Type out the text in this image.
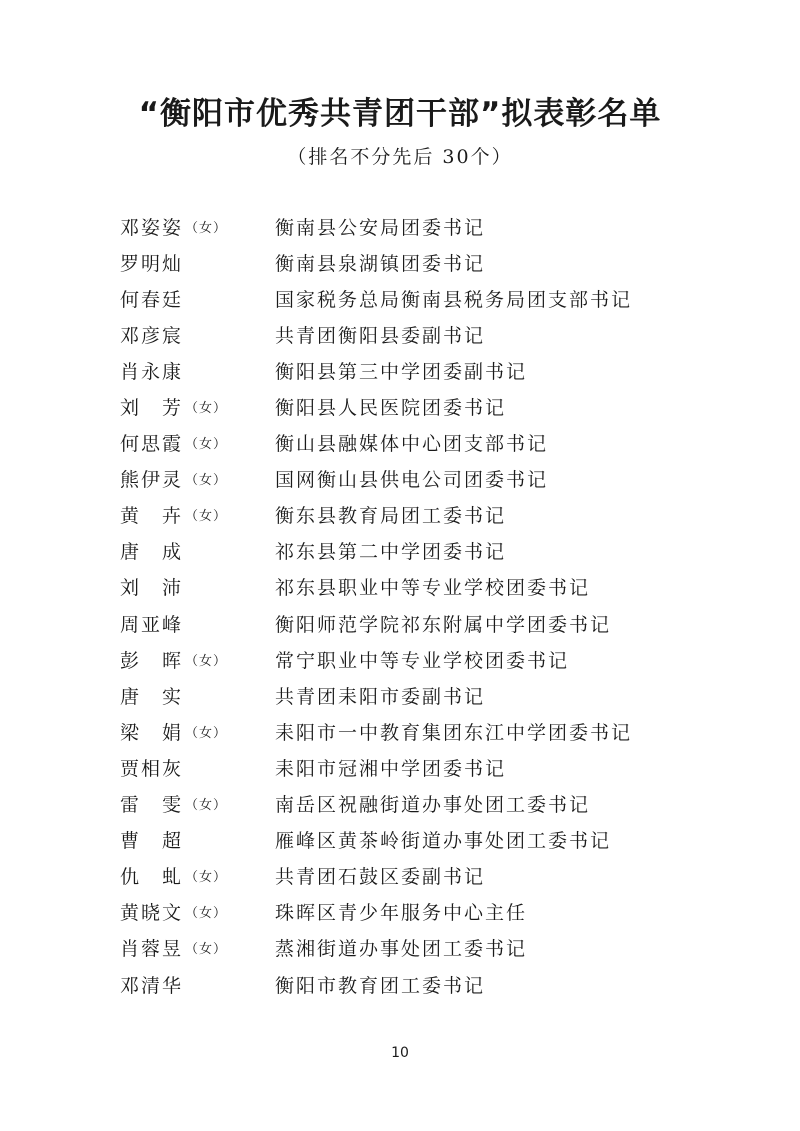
“衡阳市优秀共青团干部”拟表彰名单
（排名不分先后 30个）
邓姿姿 （女）	衡南县公安局团委书记
罗明灿	衡南县泉湖镇团委书记
何春廷	国家税务总局衡南县税务局团支部书记
邓彦宸	共青团衡阳县委副书记
肖永康	衡阳县第三中学团委副书记
刘　芳 （女）	衡阳县人民医院团委书记
何思霞 （女）	衡山县融媒体中心团支部书记
熊伊灵 （女）	国网衡山县供电公司团委书记
黄　卉 （女）	衡东县教育局团工委书记
唐　成	祁东县第二中学团委书记
刘　沛	祁东县职业中等专业学校团委书记
周亚峰	衡阳师范学院祁东附属中学团委书记
彭　晖 （女）	常宁职业中等专业学校团委书记
唐　实	共青团耒阳市委副书记
梁　娟 （女）	耒阳市一中教育集团东江中学团委书记
贾相灰	耒阳市冠湘中学团委书记
雷　雯 （女）	南岳区祝融街道办事处团工委书记
曹　超	雁峰区黄茶岭街道办事处团工委书记
仇　虬 （女）	共青团石鼓区委副书记
黄晓文 （女）	珠晖区青少年服务中心主任
肖蓉昱 （女）	蒸湘街道办事处团工委书记
邓清华	衡阳市教育团工委书记
10
